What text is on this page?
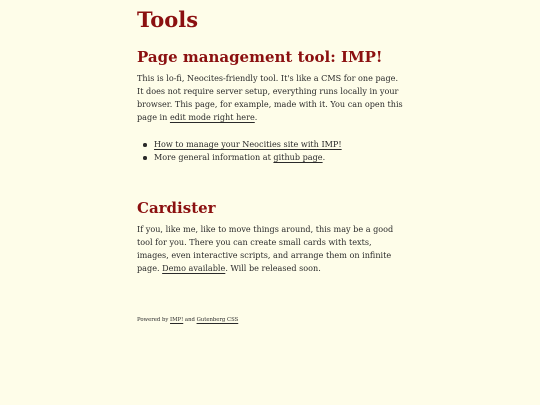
Tools
Page management tool: IMP!

This is lo-fi, Neocites-friendly tool. It's like a CMS for one page. It does not require server setup, everything runs locally in your browser. This page, for example, made with it. You can open this page in edit mode right here.

How to manage your Neocities site with IMP!
More general information at github page.
Cardister

If you, like me, like to move things around, this may be a good tool for you. There you can create small cards with texts, images, even interactive scripts, and arrange them on infinite page. Demo available. Will be released soon.

Powered by IMP! and Gutenberg CSS
